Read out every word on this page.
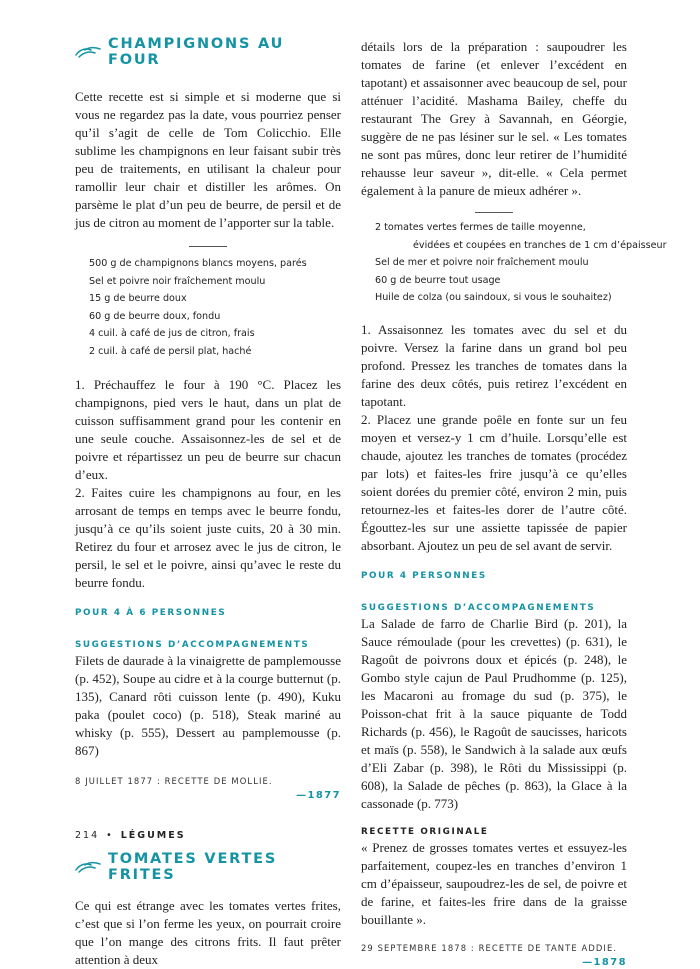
CHAMPIGNONS AU FOUR

Cette recette est si simple et si moderne que si vous ne regardez pas la date, vous pourriez penser qu’il s’agit de celle de Tom Colicchio. Elle sublime les champignons en leur faisant subir très peu de traitements, en utilisant la chaleur pour ramollir leur chair et distiller les arômes. On parsème le plat d’un peu de beurre, de persil et de jus de citron au moment de l’apporter sur la table.

500 g de champignons blancs moyens, parés
Sel et poivre noir fraîchement moulu
15 g de beurre doux
60 g de beurre doux, fondu
4 cuil. à café de jus de citron, frais
2 cuil. à café de persil plat, haché

1. Préchauffez le four à 190 °C. Placez les champignons, pied vers le haut, dans un plat de cuisson suffisamment grand pour les contenir en une seule couche. Assaisonnez-les de sel et de poivre et répartissez un peu de beurre sur chacun d’eux.

2. Faites cuire les champignons au four, en les arrosant de temps en temps avec le beurre fondu, jusqu’à ce qu’ils soient juste cuits, 20 à 30 min. Retirez du four et arrosez avec le jus de citron, le persil, le sel et le poivre, ainsi qu’avec le reste du beurre fondu.

POUR 4 À 6 PERSONNES

SUGGESTIONS D’ACCOMPAGNEMENTS

Filets de daurade à la vinaigrette de pamplemousse (p. 452), Soupe au cidre et à la courge butternut (p. 135), Canard rôti cuisson lente (p. 490), Kuku paka (poulet coco) (p. 518), Steak mariné au whisky (p. 555), Dessert au pamplemousse (p. 867)

8 JUILLET 1877 : RECETTE DE MOLLIE.

—1877

TOMATES VERTES FRITES

Ce qui est étrange avec les tomates vertes frites, c’est que si l’on ferme les yeux, on pourrait croire que l’on mange des citrons frits. Il faut prêter attention à deux

détails lors de la préparation : saupoudrer les tomates de farine (et enlever l’excédent en tapotant) et assaisonner avec beaucoup de sel, pour atténuer l’acidité. Mashama Bailey, cheffe du restaurant The Grey à Savannah, en Géorgie, suggère de ne pas lésiner sur le sel. « Les tomates ne sont pas mûres, donc leur retirer de l’humidité rehausse leur saveur », dit-elle. « Cela permet également à la panure de mieux adhérer ».

2 tomates vertes fermes de taille moyenne,
évidées et coupées en tranches de 1 cm d’épaisseur
Sel de mer et poivre noir fraîchement moulu
60 g de beurre tout usage
Huile de colza (ou saindoux, si vous le souhaitez)

1. Assaisonnez les tomates avec du sel et du poivre. Versez la farine dans un grand bol peu profond. Pressez les tranches de tomates dans la farine des deux côtés, puis retirez l’excédent en tapotant.

2. Placez une grande poêle en fonte sur un feu moyen et versez-y 1 cm d’huile. Lorsqu’elle est chaude, ajoutez les tranches de tomates (procédez par lots) et faites-les frire jusqu’à ce qu’elles soient dorées du premier côté, environ 2 min, puis retournez-les et faites-les dorer de l’autre côté. Égouttez-les sur une assiette tapissée de papier absorbant. Ajoutez un peu de sel avant de servir.

POUR 4 PERSONNES

SUGGESTIONS D’ACCOMPAGNEMENTS

La Salade de farro de Charlie Bird (p. 201), la Sauce rémoulade (pour les crevettes) (p. 631), le Ragoût de poivrons doux et épicés (p. 248), le Gombo style cajun de Paul Prudhomme (p. 125), les Macaroni au fromage du sud (p. 375), le Poisson-chat frit à la sauce piquante de Todd Richards (p. 456), le Ragoût de saucisses, haricots et maïs (p. 558), le Sandwich à la salade aux œufs d’Eli Zabar (p. 398), le Rôti du Mississippi (p. 608), la Salade de pêches (p. 863), la Glace à la cassonade (p. 773)

RECETTE ORIGINALE

« Prenez de grosses tomates vertes et essuyez-les parfaitement, coupez-les en tranches d’environ 1 cm d’épaisseur, saupoudrez-les de sel, de poivre et de farine, et faites-les frire dans de la graisse bouillante ».

29 SEPTEMBRE 1878 : RECETTE DE TANTE ADDIE.

—1878

214 • LÉGUMES
